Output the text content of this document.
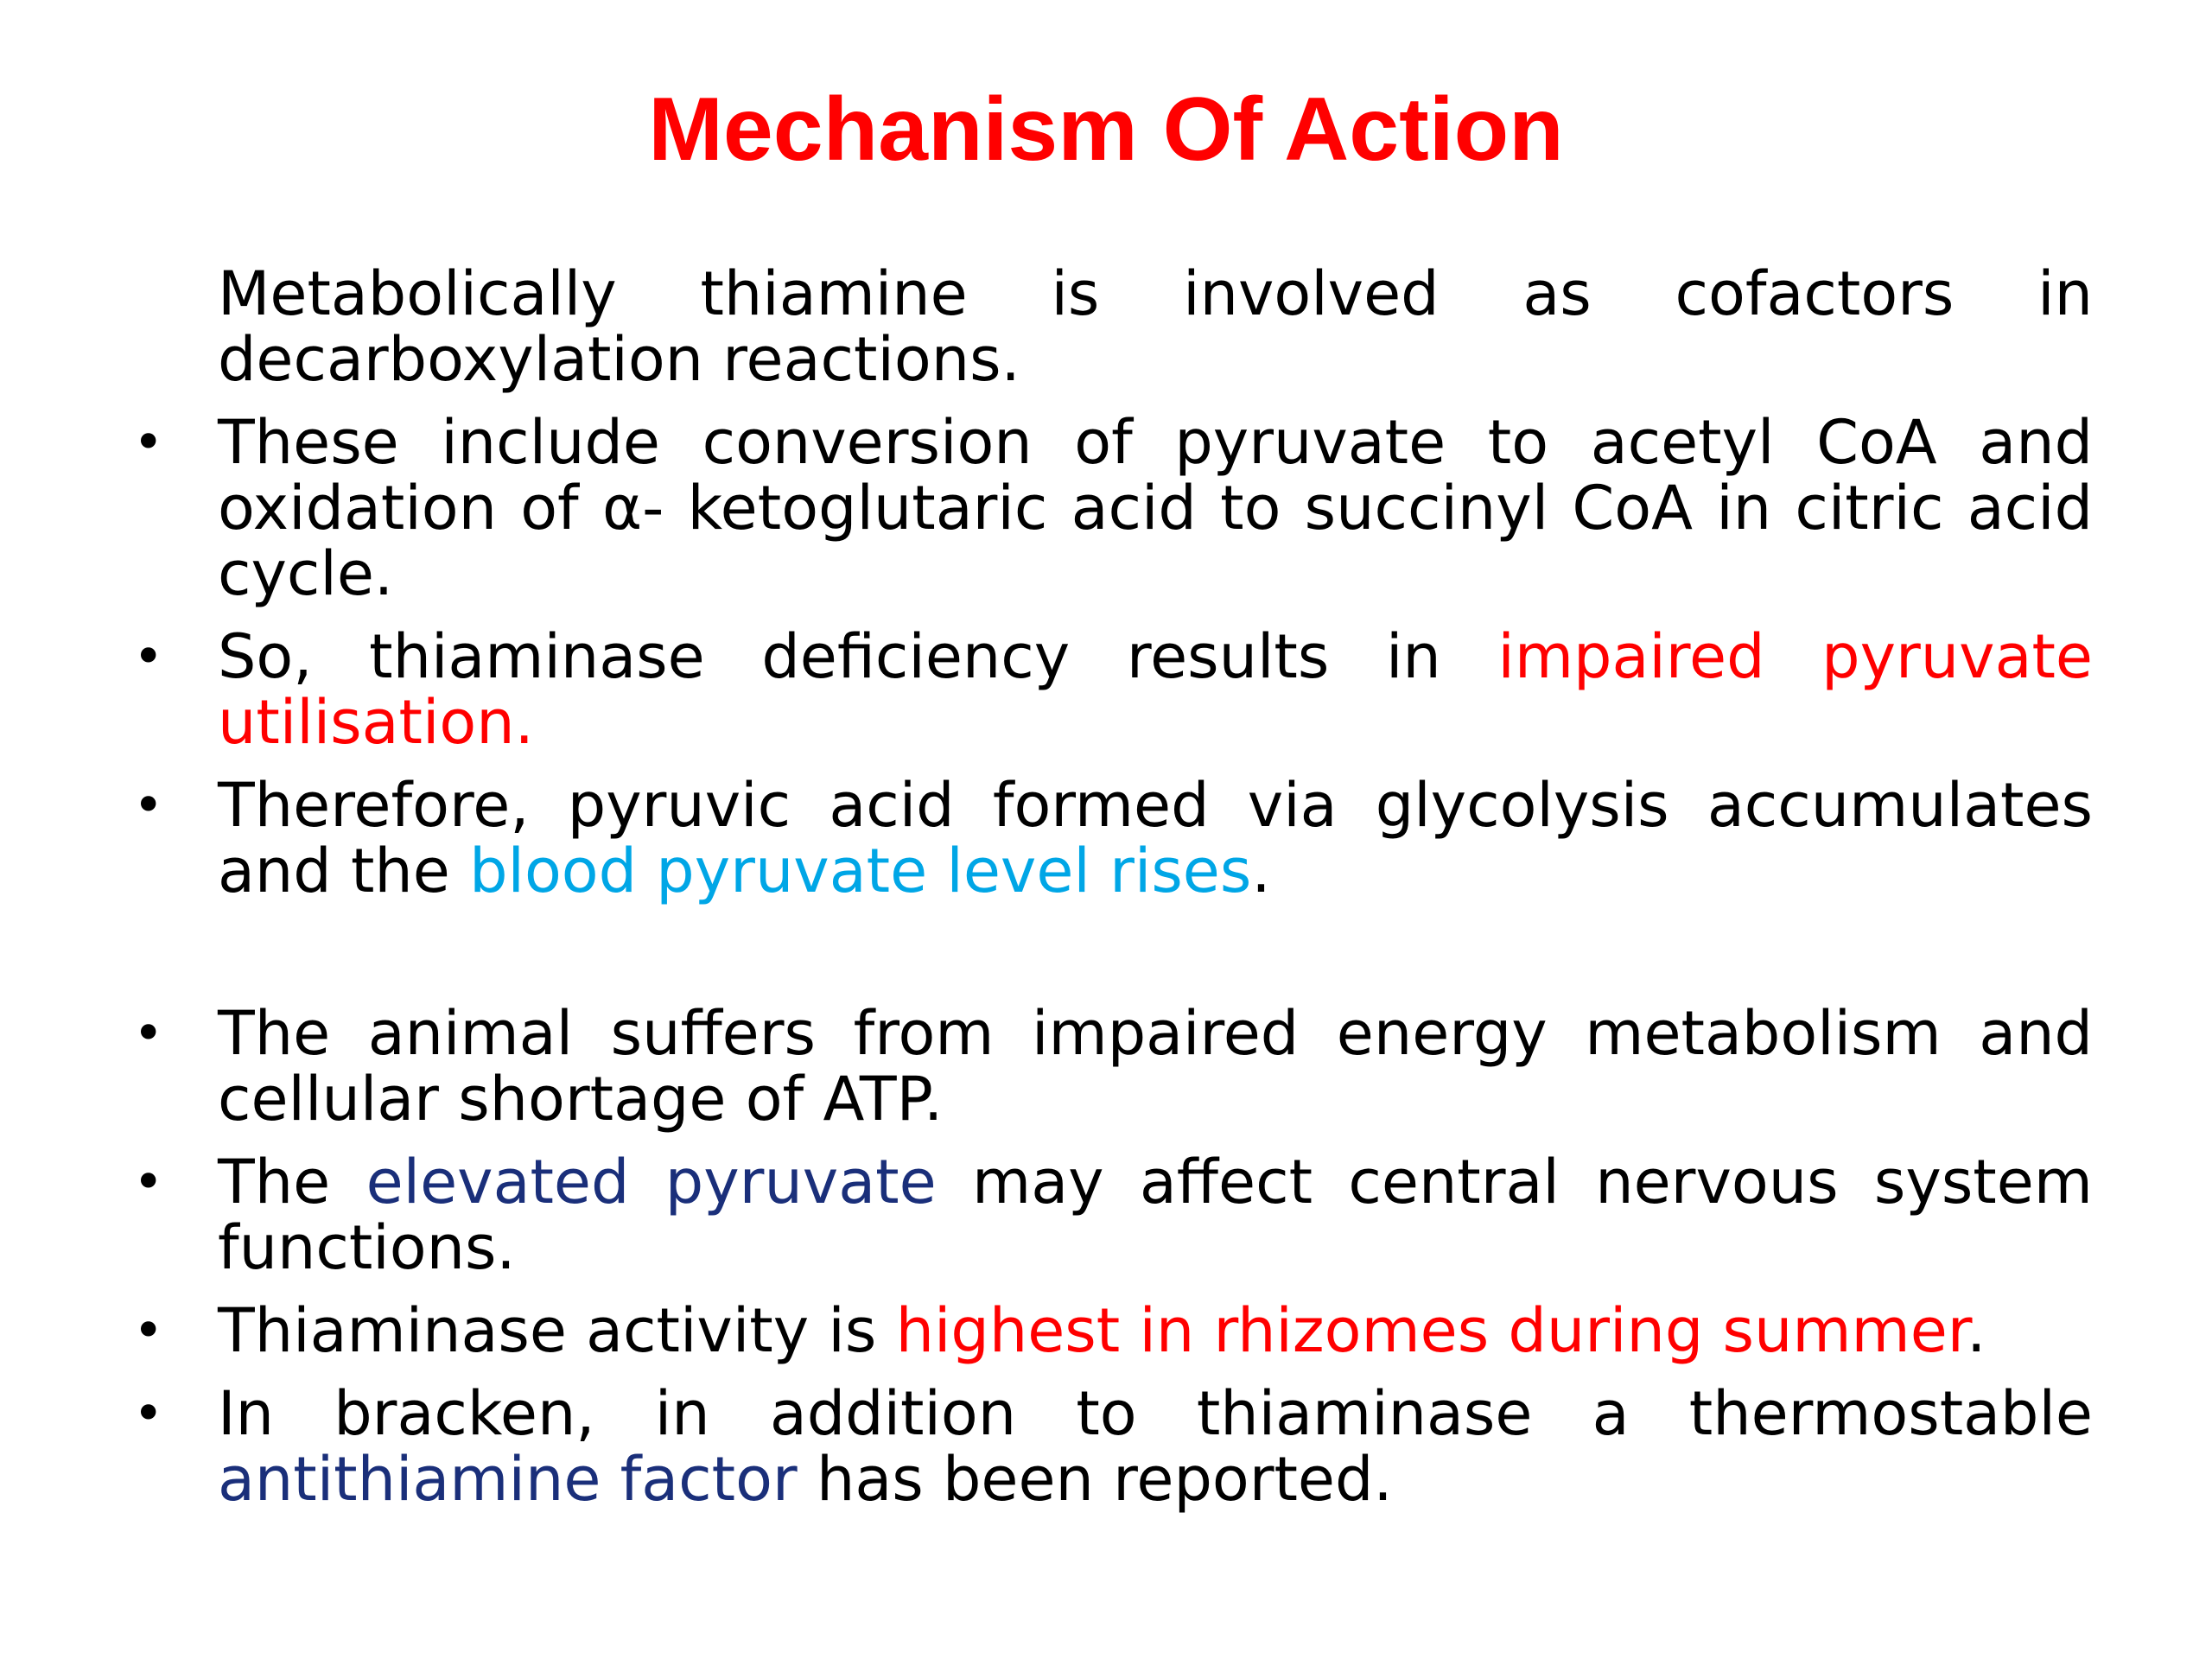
Mechanism Of Action
Metabolically thiamine is involved as cofactors in decarboxylation reactions.
• These include conversion of pyruvate to acetyl CoA and oxidation of α- ketoglutaric acid to succinyl CoA in citric acid cycle.
• So, thiaminase deficiency results in impaired pyruvate utilisation.
• Therefore, pyruvic acid formed via glycolysis accumulates and the blood pyruvate level rises.
• The animal suffers from impaired energy metabolism and cellular shortage of ATP.
• The elevated pyruvate may affect central nervous system functions.
• Thiaminase activity is highest in rhizomes during summer.
• In bracken, in addition to thiaminase a thermostable antithiamine factor has been reported.
